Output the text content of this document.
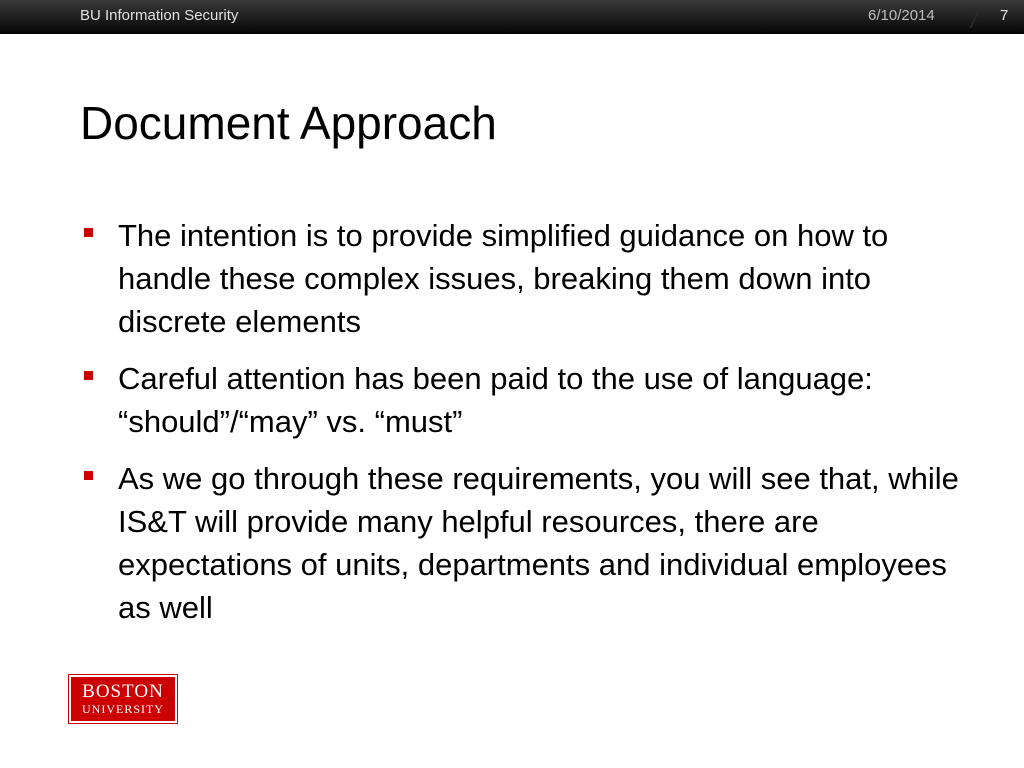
BU Information Security	6/10/2014 7 7
Document Approach
The intention is to provide simplified guidance on how to handle these complex issues, breaking them down into discrete elements
Careful attention has been paid to the use of language: “should”/“may” vs. “must”
As we go through these requirements, you will see that, while IS&T will provide many helpful resources, there are expectations of units, departments and individual employees as well
BOSTON
UNIVERSITY
